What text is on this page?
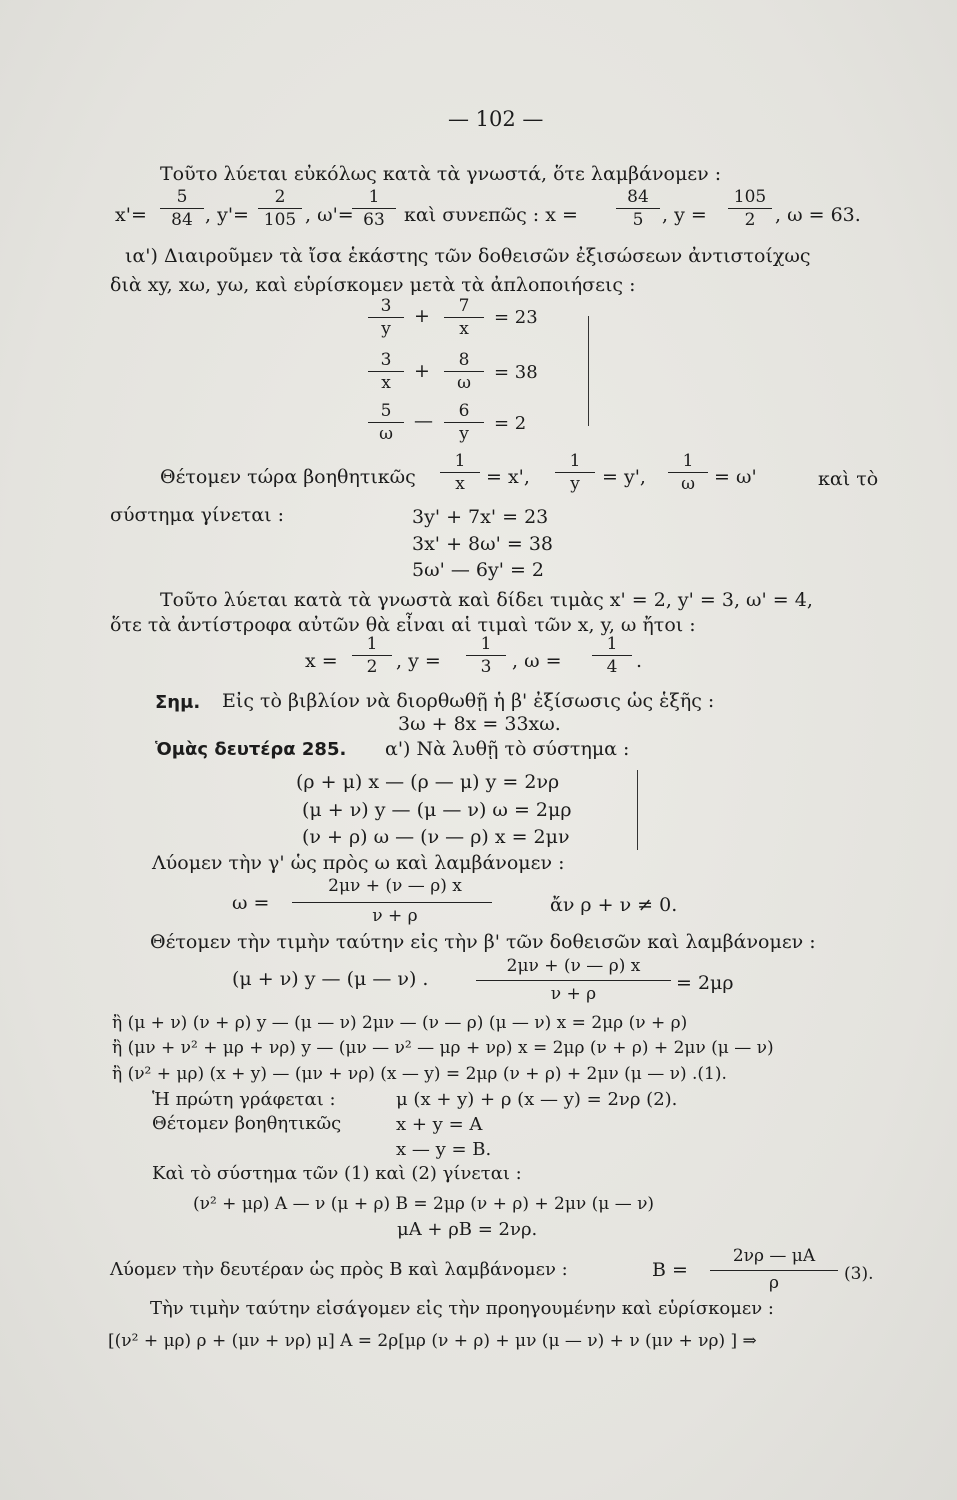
— 102 —
Τοῦτο λύεται εὐκόλως κατὰ τὰ γνωστά, ὅτε λαμβάνομεν :
x'=
5
84 , y'=
2
105 , ω'=
1
63	καὶ συνεπῶς : x =
84
5 , y =
105
2	, ω = 63.
ια') Διαιροῦμεν τὰ ἴσα ἑκάστης τῶν δοθεισῶν ἐξισώσεων ἀντιστοίχως
διὰ xy, xω, yω, καὶ εὑρίσκομεν μετὰ τὰ ἀπλοποιήσεις :
3
y
+	7
x
= 23
3
x
+	8
ω	= 38
5
ω
—	6
y	= 2
Θέτομεν τώρα βοηθητικῶς
1
x	= x',
1
y	= y',
1
ω	= ω'	καὶ τὸ
σύστημα γίνεται :	3y' + 7x' = 23
3x' + 8ω' = 38
5ω' — 6y' = 2
Τοῦτο λύεται κατὰ τὰ γνωστὰ καὶ δίδει τιμὰς x' = 2, y' = 3, ω' = 4,
ὅτε τὰ ἀντίστροφα αὐτῶν θὰ εἶναι αἱ τιμαὶ τῶν x, y, ω ἤτοι :
x =
1
2 , y =
1
3	, ω =
1
4 .
Σημ. Εἰς τὸ βιβλίον νὰ διορθωθῇ ἡ β' ἐξίσωσις ὡς ἑξῆς :
3ω + 8x = 33xω.
Ὁμὰς δευτέρα 285. α') Νὰ λυθῇ τὸ σύστημα :
(ρ + μ) x — (ρ — μ) y = 2νρ
(μ + ν) y — (μ — ν) ω = 2μρ
(ν + ρ) ω — (ν — ρ) x = 2μν
Λύομεν τὴν γ' ὡς πρὸς ω καὶ λαμβάνομεν :
ω =
2μν + (ν — ρ) x
ν + ρ	ἄν ρ + ν ≠ 0.
Θέτομεν τὴν τιμὴν ταύτην εἰς τὴν β' τῶν δοθεισῶν καὶ λαμβάνομεν :
(μ + ν) y — (μ — ν) .
2μν + (ν — ρ) x
ν + ρ	= 2μρ
ἢ (μ + ν) (ν + ρ) y — (μ — ν) 2μν — (ν — ρ) (μ — ν) x = 2μρ (ν + ρ)
ἢ (μν + ν² + μρ + νρ) y — (μν — ν² — μρ + νρ) x = 2μρ (ν + ρ) + 2μν (μ — ν)
ἢ (ν² + μρ) (x + y) — (μν + νρ) (x — y) = 2μρ (ν + ρ) + 2μν (μ — ν) .(1).
Ἡ πρώτη γράφεται :	μ (x + y) + ρ (x — y) = 2νρ (2).
Θέτομεν βοηθητικῶς	x + y = A
x — y = B.
Καὶ τὸ σύστημα τῶν (1) καὶ (2) γίνεται :
(ν² + μρ) A — ν (μ + ρ) B = 2μρ (ν + ρ) + 2μν (μ — ν)
μA + ρB = 2νρ.
Λύομεν τὴν δευτέραν ὡς πρὸς B καὶ λαμβάνομεν :	B =
2νρ — μA
ρ	(3).
Τὴν τιμὴν ταύτην εἰσάγομεν εἰς τὴν προηγουμένην καὶ εὑρίσκομεν :
[(ν² + μρ) ρ + (μν + νρ) μ] A = 2ρ[μρ (ν + ρ) + μν (μ — ν) + ν (μν + νρ) ] ⇒
